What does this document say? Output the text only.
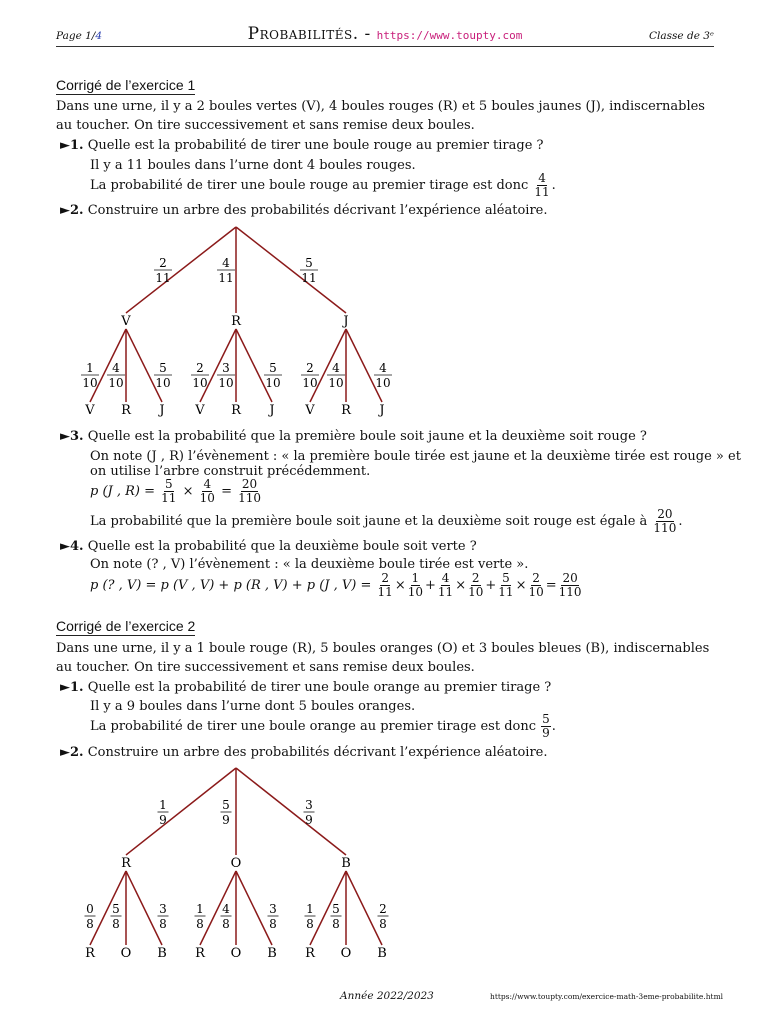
Page 1/4	Probabilités. - https://www.toupty.com	Classe de 3ᵉ
Corrigé de l’exercice 1
Dans une urne, il y a 2 boules vertes (V), 4 boules rouges (R) et 5 boules jaunes (J), indiscernables au toucher. On tire successivement et sans remise deux boules.
►1. Quelle est la probabilité de tirer une boule rouge au premier tirage ?
Il y a 11 boules dans l’urne dont 4 boules rouges.
La probabilité de tirer une boule rouge au premier tirage est donc $\frac{4}{11}$ .
►2. Construire un arbre des probabilités décrivant l’expérience aléatoire.
►3. Quelle est la probabilité que la première boule soit jaune et la deuxième soit rouge ?
On note (J , R) l’évènement : « la première boule tirée est jaune et la deuxième tirée est rouge » et
on utilise l’arbre construit précédemment.
p (J , $R) = \frac{5}{11} \times \frac{4}{10} = \frac{20}{110}$
La probabilité que la première boule soit jaune et la deuxième soit rouge est égale à $\frac{20}{110}$ .
►4. Quelle est la probabilité que la deuxième boule soit verte ?
On note (? , V) l’évènement : « la deuxième boule tirée est verte ».
p (? , V) = p (V , V) + p (R , V) + p (J , $V) = \frac{2}{11} \times \frac{1}{10} + \frac{4}{11} \times \frac{2}{10} + \frac{5}{11} \times \frac{2}{10} = \frac{20}{110}$
Corrigé de l’exercice 2
Dans une urne, il y a 1 boule rouge (R), 5 boules oranges (O) et 3 boules bleues (B), indiscernables au toucher. On tire successivement et sans remise deux boules.
►1. Quelle est la probabilité de tirer une boule orange au premier tirage ?
Il y a 9 boules dans l’urne dont 5 boules oranges.
La probabilité de tirer une boule orange au premier tirage est donc $\frac{5}{9}$ .
►2. Construire un arbre des probabilités décrivant l’expérience aléatoire.
2
11
V
1
10
V
4
10
R
5
10
J
4
11
R
2
10
V
3
10
R
5
10
J
5
11
J
2
10
V
4
10
R
4
10
J
1
9
R
0
8
R
5
8
O
3
8
B
5
9
O
1
8
R
4
8
O
3
8
B
3
9
B
1
8
R
5
8
O
2
8
B
Année 2022/2023	https://www.toupty.com/exercice-math-3eme-probabilite.html
